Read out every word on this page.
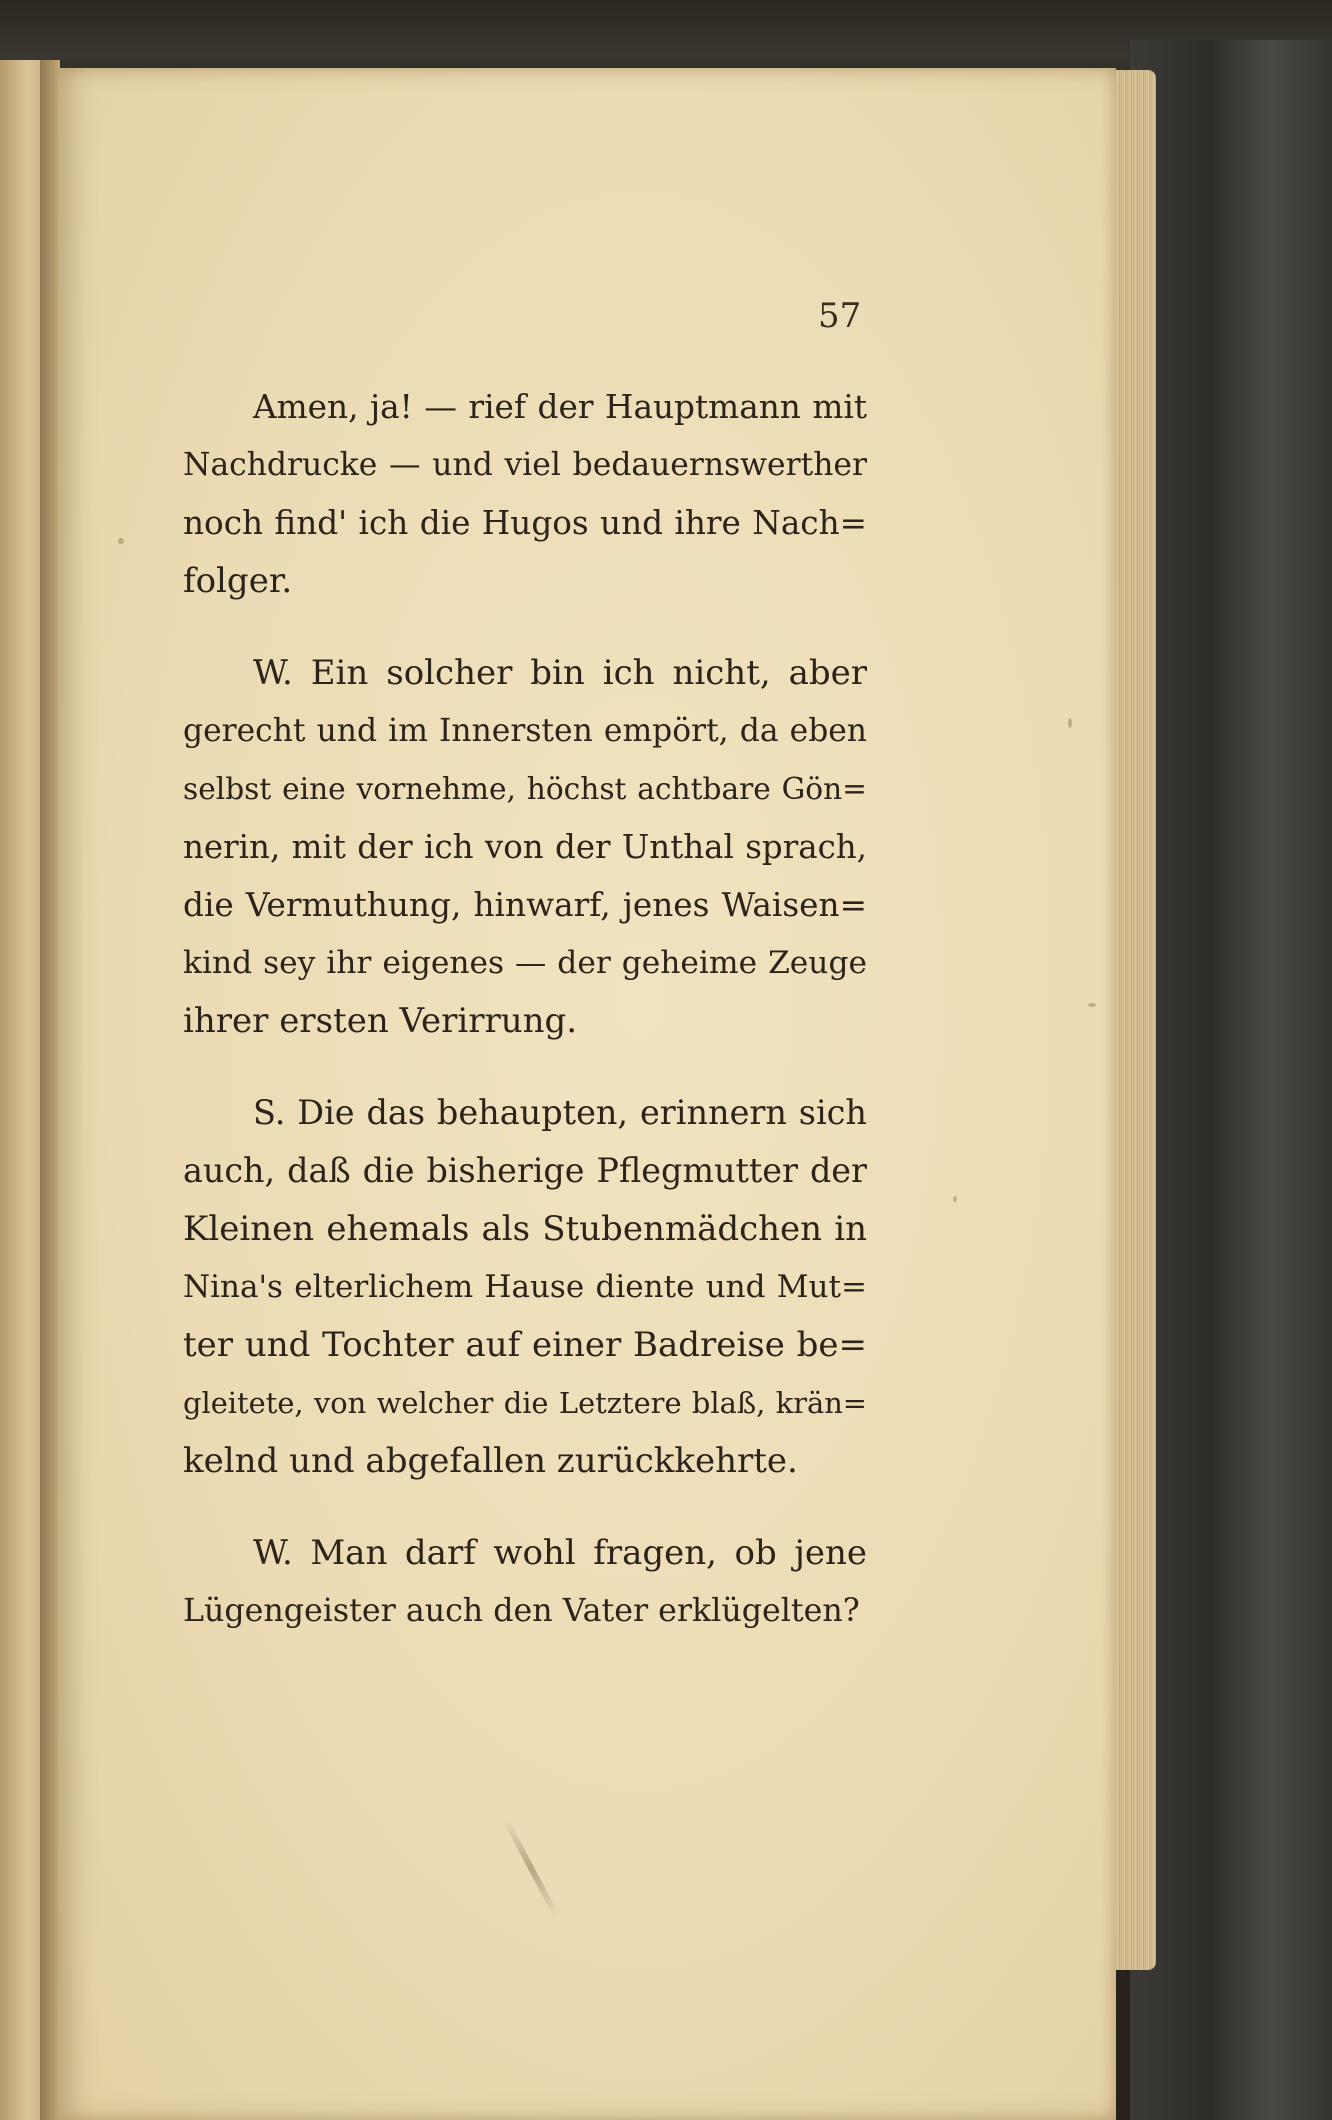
57
Amen, ja! — rief der Hauptmann mit
Nachdrucke — und viel bedauernswerther
noch find' ich die Hugos und ihre Nach=
folger.
W. Ein solcher bin ich nicht, aber
gerecht und im Innersten empört, da eben
selbst eine vornehme, höchst achtbare Gön=
nerin, mit der ich von der Unthal sprach,
die Vermuthung, hinwarf, jenes Waisen=
kind sey ihr eigenes — der geheime Zeuge
ihrer ersten Verirrung.
S. Die das behaupten, erinnern sich
auch, daß die bisherige Pflegmutter der
Kleinen ehemals als Stubenmädchen in
Nina's elterlichem Hause diente und Mut=
ter und Tochter auf einer Badreise be=
gleitete, von welcher die Letztere blaß, krän=
kelnd und abgefallen zurückkehrte.
W. Man darf wohl fragen, ob jene
Lügengeister auch den Vater erklügelten?
